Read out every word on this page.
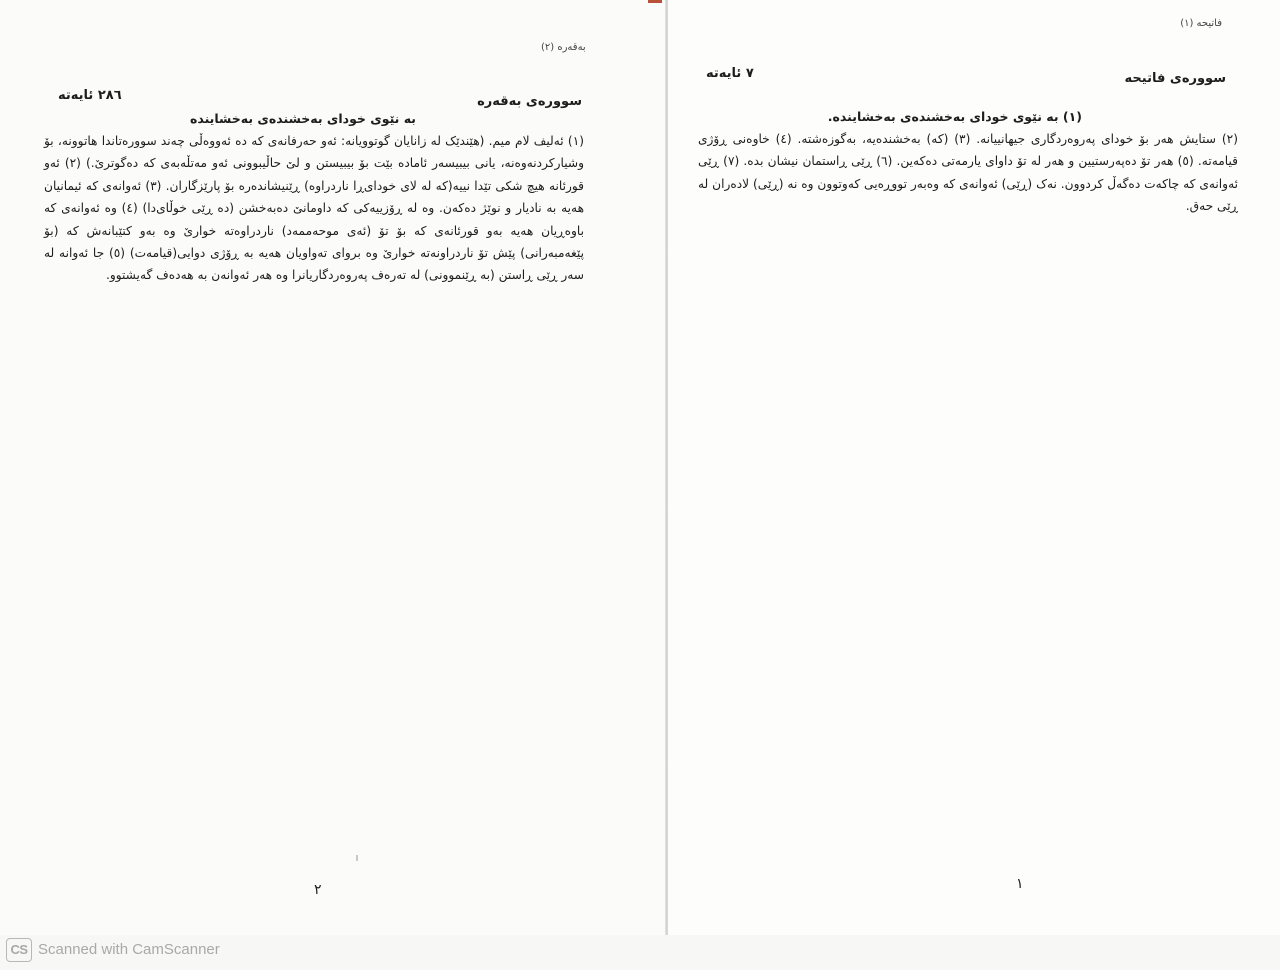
بەقەرە (٢)
سوورەی بەقەرە
٢٨٦ ئایەتە
بە نێوی خودای بەخشندەی بەخشایندە
(١) ئەلیف لام میم. (هێندێک لە زانایان گوتوویانە: ئەو حەرفانەی کە دە ئەووەڵی چەند سوورەتاندا هاتوونە، بۆ وشیارکردنەوەنە، یانی بیبیسەر ئامادە بێت بۆ بیبیستن و لێ حاڵیبوونی ئەو مەتڵەبەی کە دەگوترێ.) (٢) ئەو قورئانە هیچ شکی تێدا نییە(کە لە لای خودای‌ڕا ناردراوە) ڕێنیشاندەرە بۆ پارێزگاران. (٣) ئەوانەی کە ئیمانیان هەیە بە نادیار و نوێژ دەکەن. وە لە ڕۆزییەکی کە داومانێ دەبەخشن (دە ڕێی خوڵای‌دا) (٤) وە ئەوانەی کە باوەڕیان هەیە بەو قورئانەی کە بۆ تۆ (ئەی موحەممەد) ناردراوەتە خوارێ وە بەو کتێبانەش کە (بۆ پێغەمبەرانی) پێش تۆ ناردراونەتە خوارێ وە بروای تەواویان هەیە بە ڕۆژی دوایی(قیامەت) (٥) جا ئەوانە لە سەر ڕێی ڕاستن (بە ڕێنموونی) لە تەرەف پەروەردگاریانرا وە هەر ئەوانەن بە هەدەف گەیشتوو.
٢
فاتیحە (١)
سوورەی فاتیحە
٧ ئایەتە
(١) بە نێوی خودای بەخشندەی بەخشایندە.
(٢) ستایش هەر بۆ خودای پەروەردگاری جیهانییانە. (٣) (کە) بەخشندەیە، بەگوزەشتە. (٤) خاوەنی ڕۆژی قیامەتە. (٥) هەر تۆ دەپەرستیین و هەر لە تۆ داوای یارمەتی دەکەین. (٦) ڕێی ڕاستمان نیشان بدە. (٧) ڕێی ئەوانەی کە چاکەت دەگەڵ کردوون. نەک (ڕێی) ئەوانەی کە وەبەر تووڕەیی کەوتوون وە نە (ڕێی) لادەران لە ڕێی حەق.
١
CS Scanned with CamScanner
